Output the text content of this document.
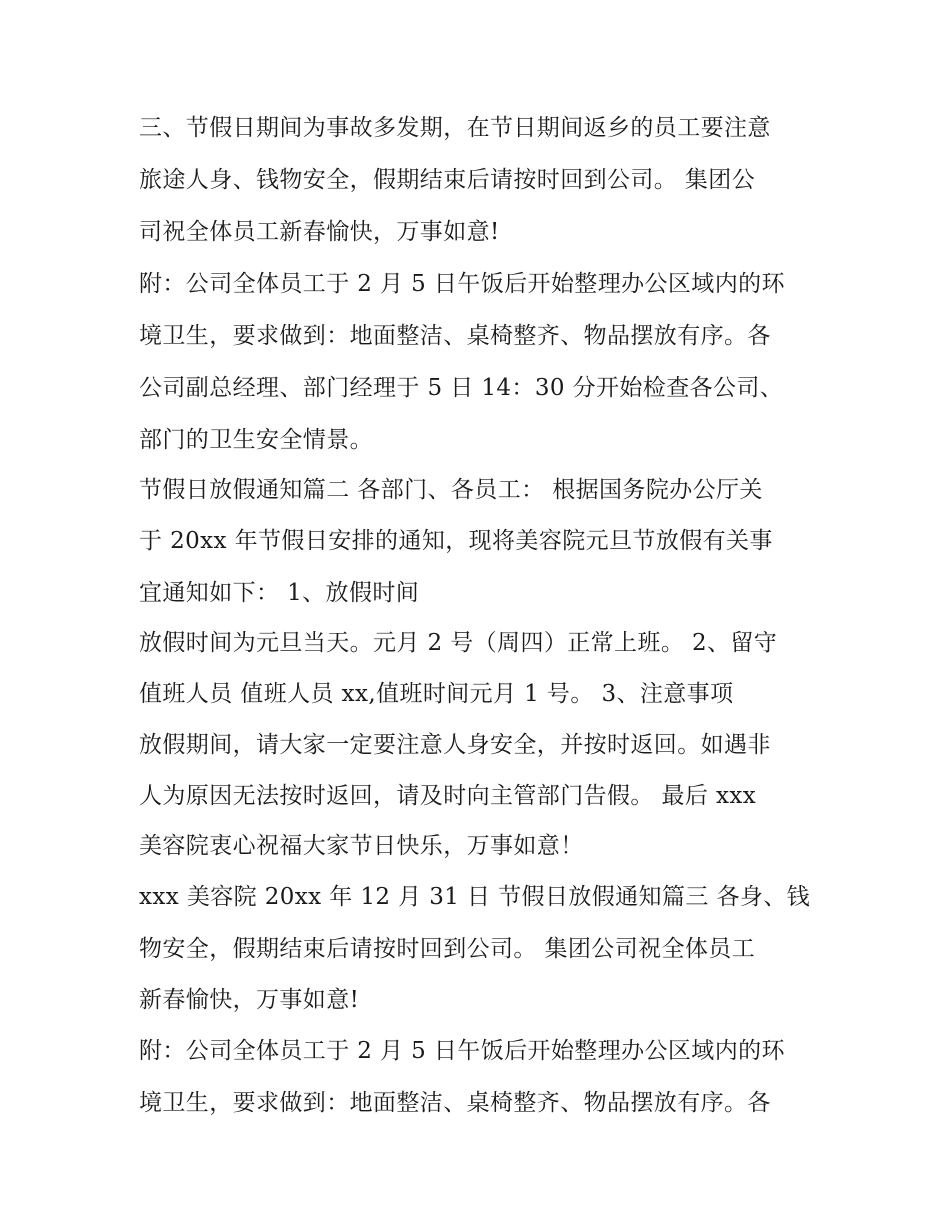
三、节假日期间为事故多发期，在节日期间返乡的员工要注意

旅途人身、钱物安全，假期结束后请按时回到公司。 集团公

司祝全体员工新春愉快，万事如意!

附：公司全体员工于 2 月 5 日午饭后开始整理办公区域内的环

境卫生，要求做到：地面整洁、桌椅整齐、物品摆放有序。各

公司副总经理、部门经理于 5 日 14：30 分开始检查各公司、

部门的卫生安全情景。

节假日放假通知篇二 各部门、各员工： 根据国务院办公厅关

于 20xx 年节假日安排的通知，现将美容院元旦节放假有关事

宜通知如下： 1、放假时间

放假时间为元旦当天。元月 2 号（周四）正常上班。 2、留守

值班人员 值班人员 xx,值班时间元月 1 号。 3、注意事项

放假期间，请大家一定要注意人身安全，并按时返回。如遇非

人为原因无法按时返回，请及时向主管部门告假。 最后 xxx

美容院衷心祝福大家节日快乐，万事如意！

xxx 美容院 20xx 年 12 月 31 日 节假日放假通知篇三 各身、钱

物安全，假期结束后请按时回到公司。 集团公司祝全体员工

新春愉快，万事如意!

附：公司全体员工于 2 月 5 日午饭后开始整理办公区域内的环

境卫生，要求做到：地面整洁、桌椅整齐、物品摆放有序。各
